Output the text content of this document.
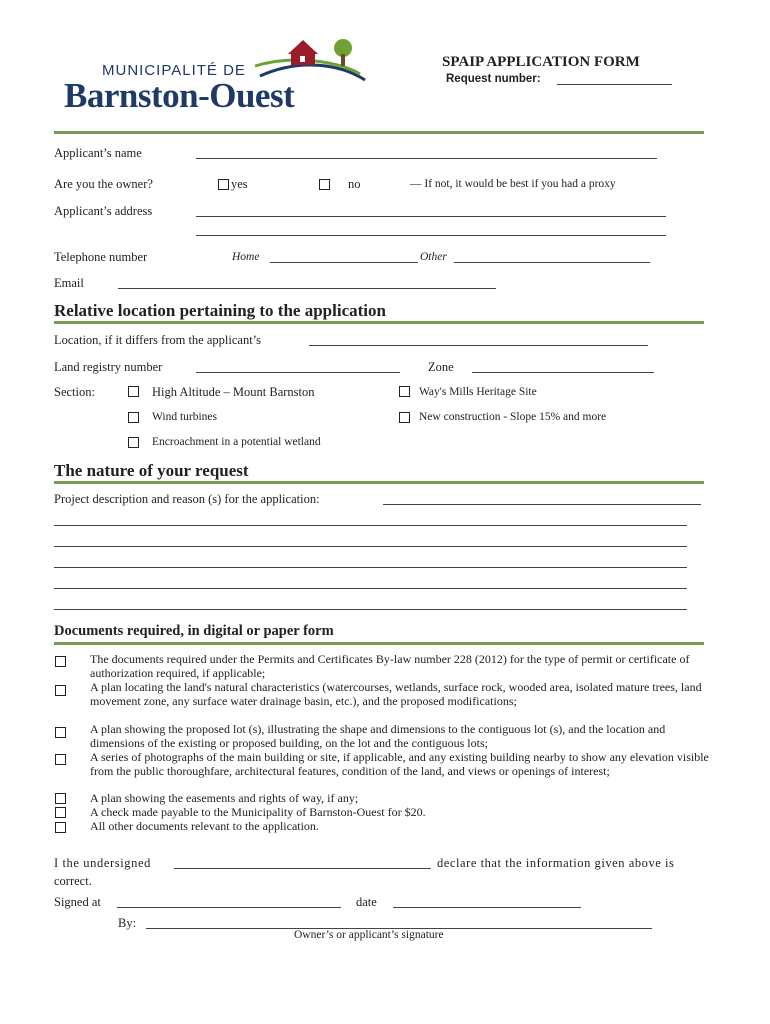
MUNICIPALITÉ DE
Barnston-Ouest
SPAIP APPLICATION FORM
Request number:
Applicant’s name
Are you the owner?	yes	no	— If not, it would be best if you had a proxy
Applicant’s address
Telephone number	Home	Other
Email
Relative location pertaining to the application
Location, if it differs from the applicant’s
Land registry number	Zone
Section:	High Altitude – Mount Barnston	Way's Mills Heritage Site
Wind turbines	New construction - Slope 15% and more
Encroachment in a potential wetland
The nature of your request
Project description and reason (s) for the application:
Documents required, in digital or paper form
The documents required under the Permits and Certificates By-law number 228 (2012) for the type of permit or certificate of authorization required, if applicable;
A plan locating the land's natural characteristics (watercourses, wetlands, surface rock, wooded area, isolated mature trees, land movement zone, any surface water drainage basin, etc.), and the proposed modifications;
A plan showing the proposed lot (s), illustrating the shape and dimensions to the contiguous lot (s), and the location and dimensions of the existing or proposed building, on the lot and the contiguous lots;
A series of photographs of the main building or site, if applicable, and any existing building nearby to show any elevation visible from the public thoroughfare, architectural features, condition of the land, and views or openings of interest;
A plan showing the easements and rights of way, if any;
A check made payable to the Municipality of Barnston-Ouest for $20.
All other documents relevant to the application.
I the undersigned	declare that the information given above is
correct.
Signed at	date
By:
Owner’s or applicant’s signature
